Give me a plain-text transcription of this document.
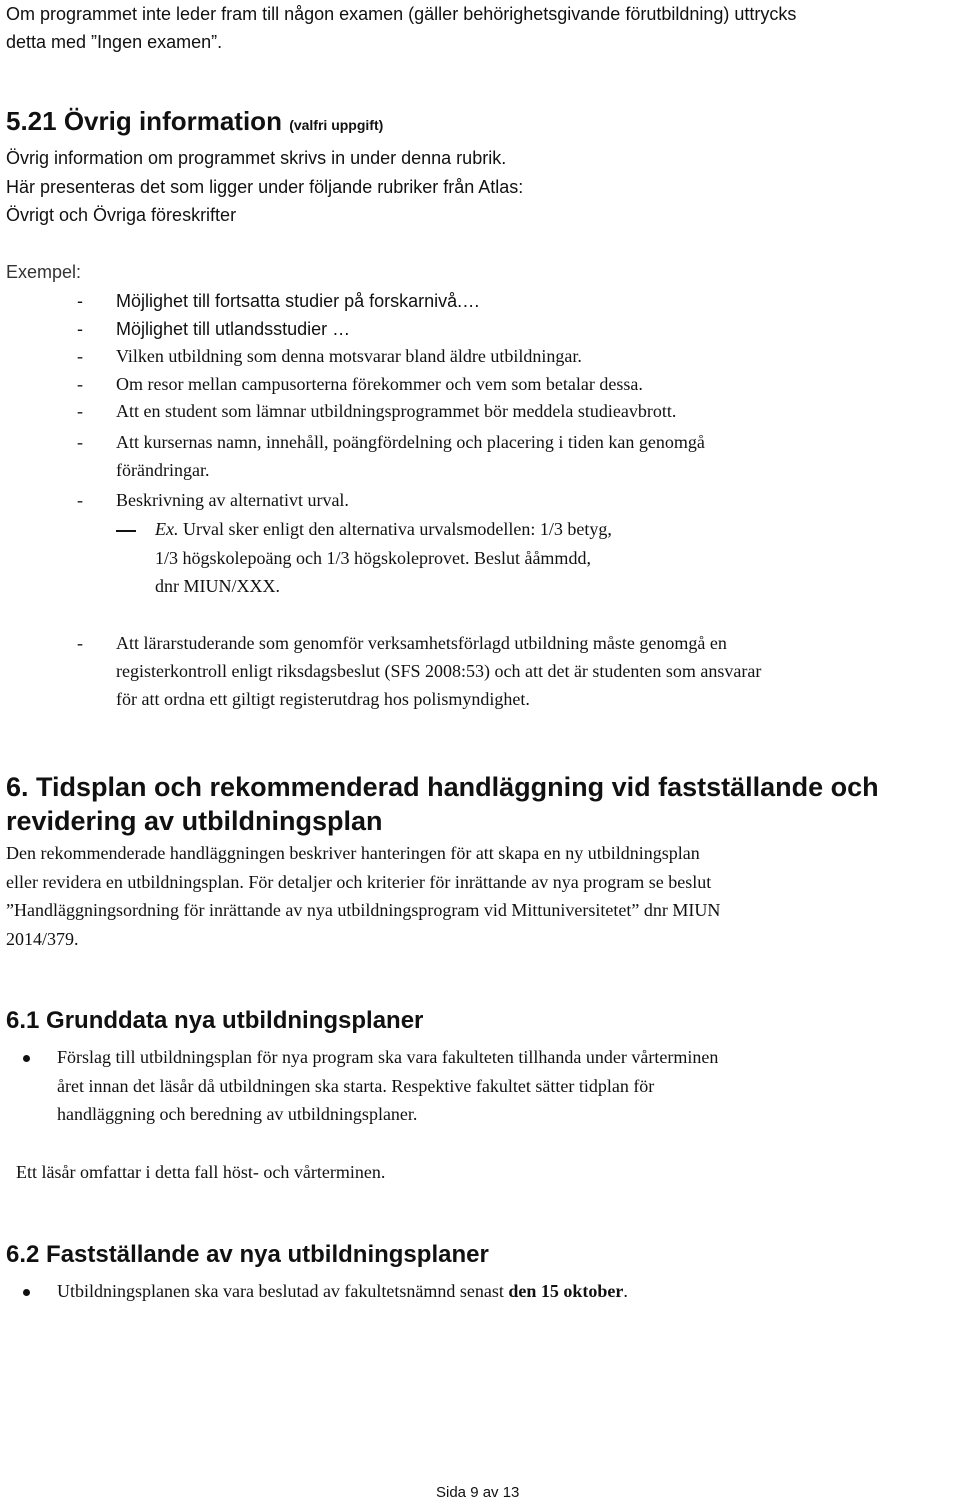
Om programmet inte leder fram till någon examen (gäller behörighetsgivande förutbildning) uttrycks
detta med ”Ingen examen”.
5.21 Övrig information (valfri uppgift)
Övrig information om programmet skrivs in under denna rubrik.
Här presenteras det som ligger under följande rubriker från Atlas:
Övrigt och Övriga föreskrifter
Exempel:
- Möjlighet till fortsatta studier på forskarnivå.…
- Möjlighet till utlandsstudier …
- Vilken utbildning som denna motsvarar bland äldre utbildningar.
- Om resor mellan campusorterna förekommer och vem som betalar dessa.
- Att en student som lämnar utbildningsprogrammet bör meddela studieavbrott.
- Att kursernas namn, innehåll, poängfördelning och placering i tiden kan genomgå
förändringar.
- Beskrivning av alternativt urval.
Ex. Urval sker enligt den alternativa urvalsmodellen: 1/3 betyg,
1/3 högskolepoäng och 1/3 högskoleprovet. Beslut ååmmdd,
dnr MIUN/XXX.
- Att lärarstuderande som genomför verksamhetsförlagd utbildning måste genomgå en
registerkontroll enligt riksdagsbeslut (SFS 2008:53) och att det är studenten som ansvarar
för att ordna ett giltigt registerutdrag hos polismyndighet.
6. Tidsplan och rekommenderad handläggning vid fastställande och
revidering av utbildningsplan
Den rekommenderade handläggningen beskriver hanteringen för att skapa en ny utbildningsplan
eller revidera en utbildningsplan. För detaljer och kriterier för inrättande av nya program se beslut
”Handläggningsordning för inrättande av nya utbildningsprogram vid Mittuniversitetet” dnr MIUN
2014/379.
6.1 Grunddata nya utbildningsplaner
Förslag till utbildningsplan för nya program ska vara fakulteten tillhanda under vårterminen
året innan det läsår då utbildningen ska starta. Respektive fakultet sätter tidplan för
handläggning och beredning av utbildningsplaner.
Ett läsår omfattar i detta fall höst- och vårterminen.
6.2 Fastställande av nya utbildningsplaner
Utbildningsplanen ska vara beslutad av fakultetsnämnd senast den 15 oktober.
Sida 9 av 13
